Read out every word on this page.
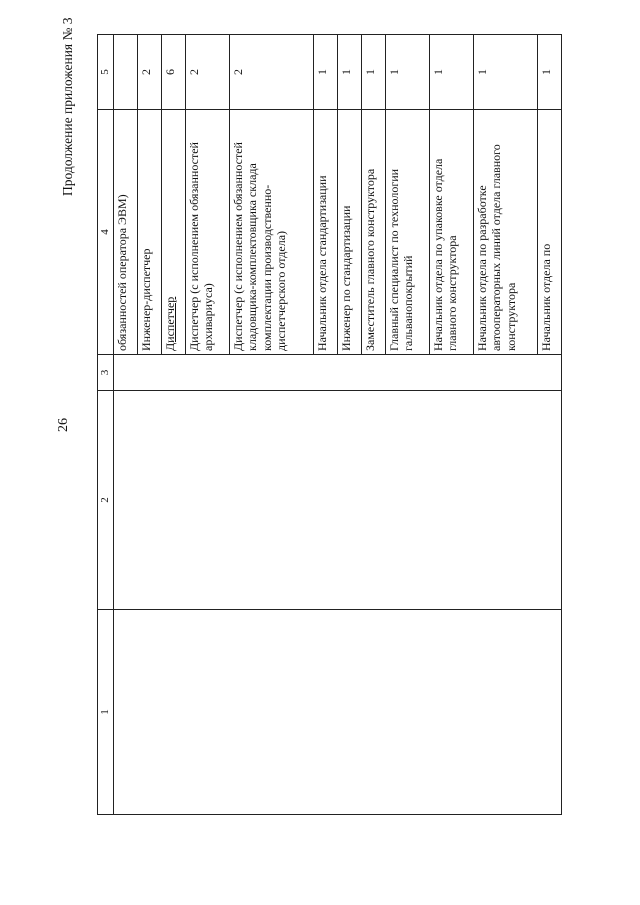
26
Продолжение приложения № 3
1	2	3	4	5
			обязанностей оператора ЭВМ)	
			Инженер-диспетчер	2
			Диспетчер	6
			Диспетчер (с исполнением обязанностей архивариуса)	2
			Диспетчер (с исполнением обязанностей кладовщика-комплектовщика склада комплектации производственно-диспетчерского отдела)	2
			Начальник отдела стандартизации	1
			Инженер по стандартизации	1
			Заместитель главного конструктора	1
			Главный специалист по технологии гальванопокрытий	1
			Начальник отдела по упаковке отдела главного конструктора	1
			Начальник отдела по разработке автооператорных линий отдела главного конструктора	1
			Начальник отдела по	1
